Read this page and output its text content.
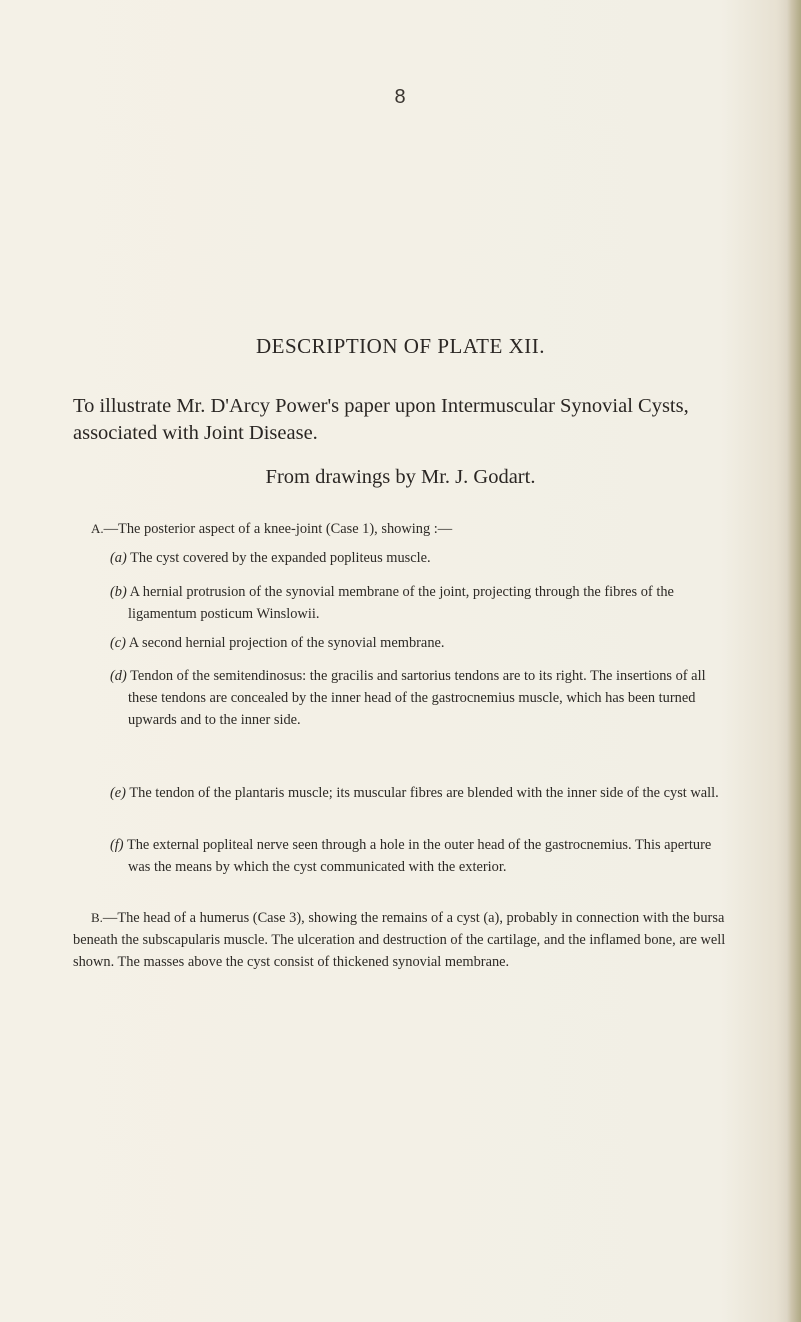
8
DESCRIPTION OF PLATE XII.
To illustrate Mr. D'Arcy Power's paper upon Intermuscular Synovial Cysts, associated with Joint Disease.
From drawings by Mr. J. Godart.
A.—The posterior aspect of a knee-joint (Case 1), showing :—
(a) The cyst covered by the expanded popliteus muscle.
(b) A hernial protrusion of the synovial membrane of the joint, projecting through the fibres of the ligamentum posticum Winslowii.
(c) A second hernial projection of the synovial membrane.
(d) Tendon of the semitendinosus: the gracilis and sartorius tendons are to its right. The insertions of all these tendons are concealed by the inner head of the gastrocnemius muscle, which has been turned upwards and to the inner side.
(e) The tendon of the plantaris muscle; its muscular fibres are blended with the inner side of the cyst wall.
(f) The external popliteal nerve seen through a hole in the outer head of the gastrocnemius. This aperture was the means by which the cyst communicated with the exterior.
B.—The head of a humerus (Case 3), showing the remains of a cyst (a), probably in connection with the bursa beneath the subscapularis muscle. The ulceration and destruction of the cartilage, and the inflamed bone, are well shown. The masses above the cyst consist of thickened synovial membrane.
